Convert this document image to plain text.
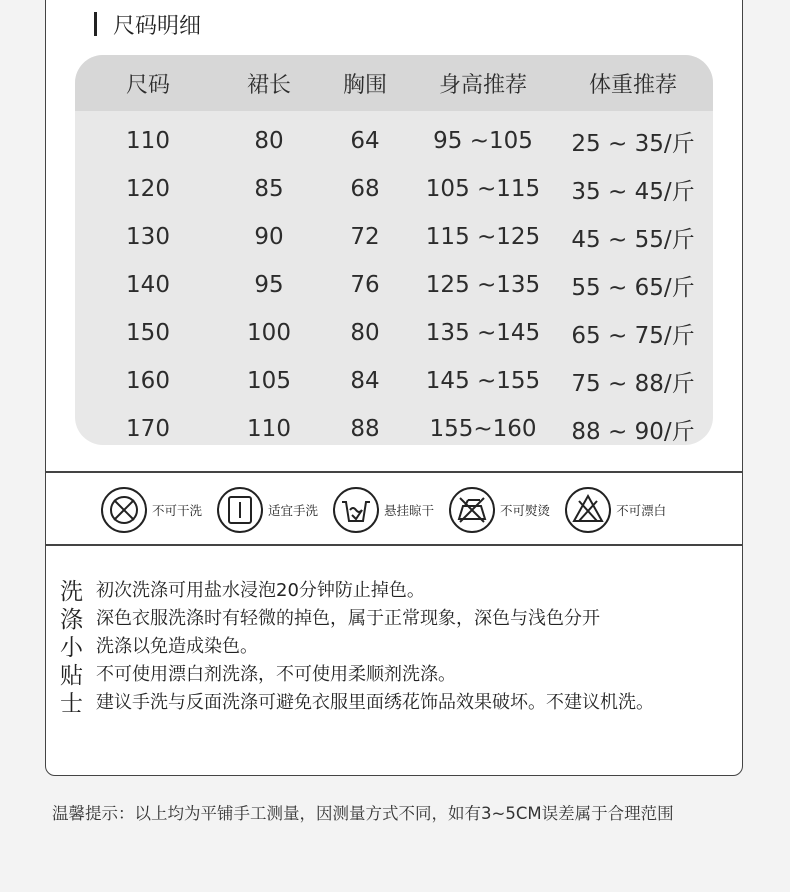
尺码明细
尺码	裙长	胸围	身高推荐	体重推荐
110	80	64	95 ~105	25 ~ 35/斤
120	85	68	105 ~115	35 ~ 45/斤
130	90	72	115 ~125	45 ~ 55/斤
140	95	76	125 ~135	55 ~ 65/斤
150	100	80	135 ~145	65 ~ 75/斤
160	105	84	145 ~155	75 ~ 88/斤
170	110	88	155~160	88 ~ 90/斤
不可干洗	适宜手洗	悬挂晾干	不可熨烫	不可漂白
洗 初次洗涤可用盐水浸泡20分钟防止掉色。
涤 深色衣服洗涤时有轻微的掉色，属于正常现象，深色与浅色分开
小 洗涤以免造成染色。
贴 不可使用漂白剂洗涤，不可使用柔顺剂洗涤。
士 建议手洗与反面洗涤可避免衣服里面绣花饰品效果破坏。不建议机洗。
温馨提示：以上均为平铺手工测量，因测量方式不同，如有3~5CM误差属于合理范围
